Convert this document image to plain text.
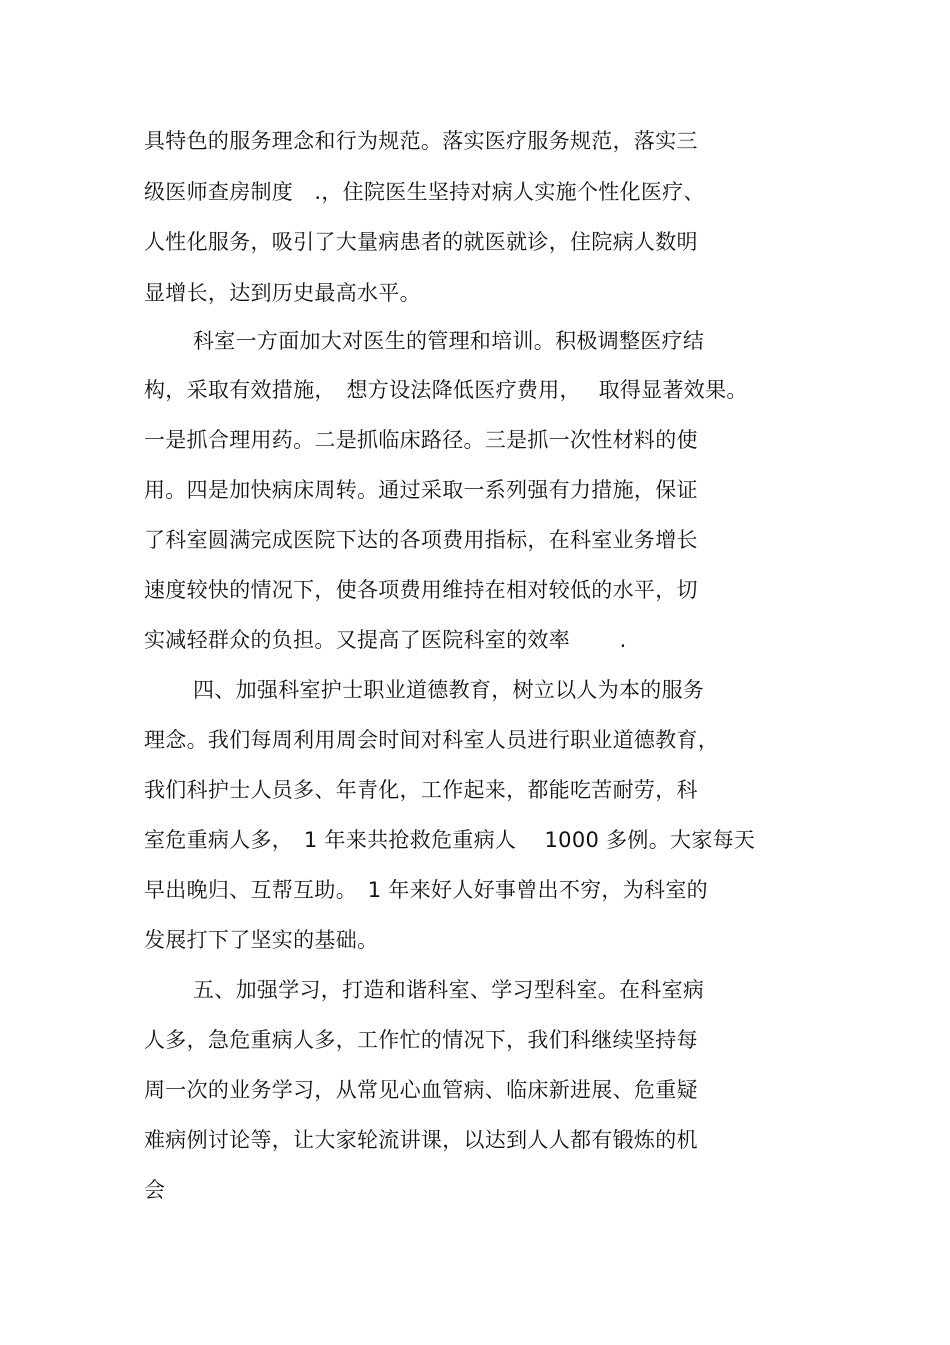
具特色的服务理念和行为规范。落实医疗服务规范，落实三
级医师查房制度　.，住院医生坚持对病人实施个性化医疗、
人性化服务，吸引了大量病患者的就医就诊，住院病人数明
显增长，达到历史最高水平。
科室一方面加大对医生的管理和培训。积极调整医疗结
构，采取有效措施，　想方设法降低医疗费用，　 取得显著效果。
一是抓合理用药。二是抓临床路径。三是抓一次性材料的使
用。四是加快病床周转。通过采取一系列强有力措施，保证
了科室圆满完成医院下达的各项费用指标，在科室业务增长
速度较快的情况下，使各项费用维持在相对较低的水平，切
实减轻群众的负担。又提高了医院科室的效率　　 .
四、加强科室护士职业道德教育，树立以人为本的服务
理念。我们每周利用周会时间对科室人员进行职业道德教育，
我们科护士人员多、年青化，工作起来，都能吃苦耐劳，科
室危重病人多，　1 年来共抢救危重病人　 1000 多例。大家每天
早出晚归、互帮互助。　1 年来好人好事曾出不穷，为科室的
发展打下了坚实的基础。
五、加强学习，打造和谐科室、学习型科室。在科室病
人多，急危重病人多，工作忙的情况下，我们科继续坚持每
周一次的业务学习，从常见心血管病、临床新进展、危重疑
难病例讨论等，让大家轮流讲课，以达到人人都有锻炼的机
会
